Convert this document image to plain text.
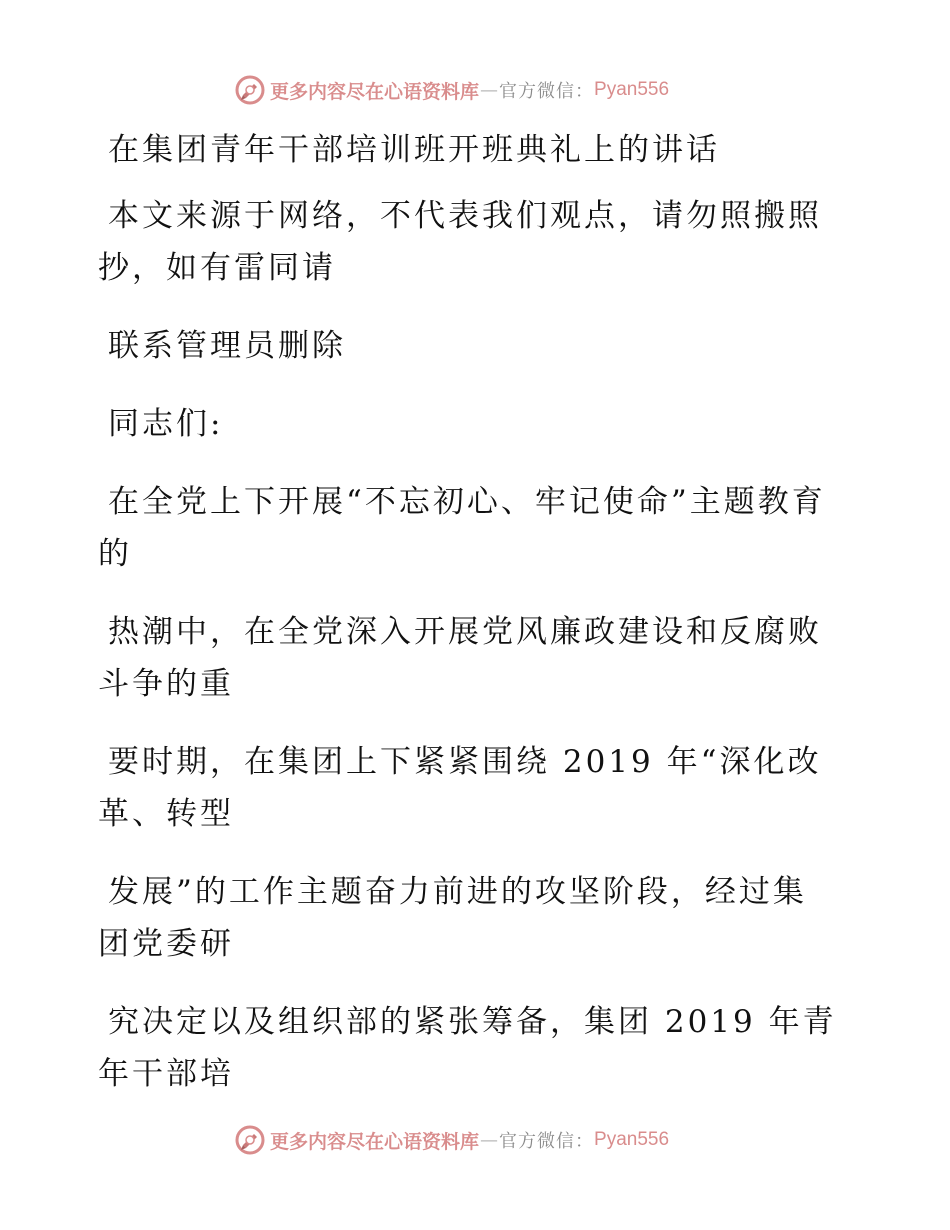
更多内容尽在心语资料库 — 官方微信： Pyan556

在集团青年干部培训班开班典礼上的讲话

本文来源于网络，不代表我们观点，请勿照搬照抄，如有雷同请

联系管理员删除

同志们:

在全党上下开展“不忘初心、牢记使命”主题教育的

热潮中，在全党深入开展党风廉政建设和反腐败斗争的重

要时期，在集团上下紧紧围绕 2019 年“深化改革、转型

发展”的工作主题奋力前进的攻坚阶段，经过集团党委研

究决定以及组织部的紧张筹备，集团 2019 年青年干部培

更多内容尽在心语资料库 — 官方微信： Pyan556
